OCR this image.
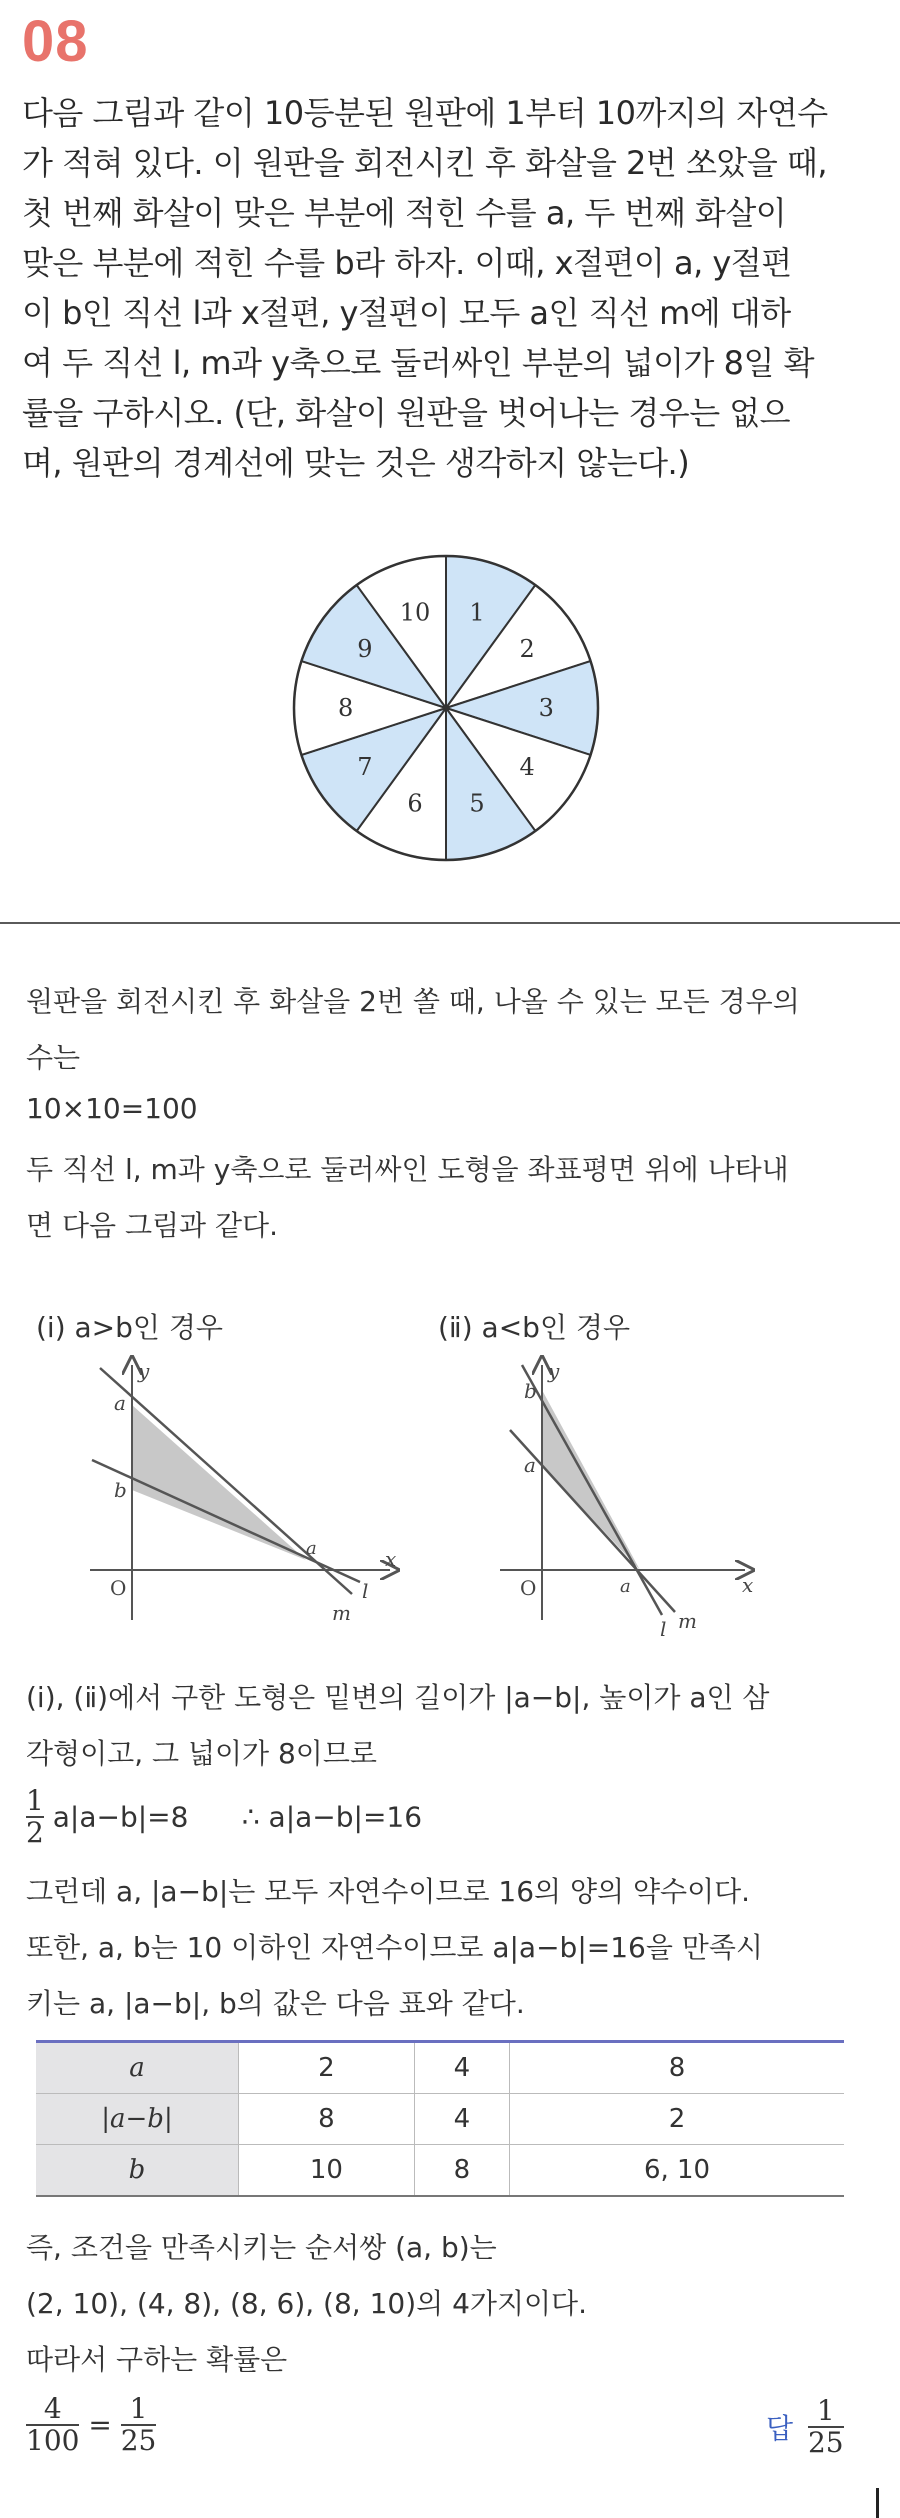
08

다음 그림과 같이 10등분된 원판에 1부터 10까지의 자연수

가 적혀 있다. 이 원판을 회전시킨 후 화살을 2번 쏘았을 때,

첫 번째 화살이 맞은 부분에 적힌 수를 a, 두 번째 화살이

맞은 부분에 적힌 수를 b라 하자. 이때, x절편이 a, y절편

이 b인 직선 l과 x절편, y절편이 모두 a인 직선 m에 대하

여 두 직선 l, m과 y축으로 둘러싸인 부분의 넓이가 8일 확

률을 구하시오. (단, 화살이 원판을 벗어나는 경우는 없으

며, 원판의 경계선에 맞는 것은 생각하지 않는다.)

1
2
3
4
5
6
7
8
9
10
원판을 회전시킨 후 화살을 2번 쏠 때, 나올 수 있는 모든 경우의
수는
10×10=100
두 직선 l, m과 y축으로 둘러싸인 도형을 좌표평면 위에 나타내
면 다음 그림과 같다.
(ⅰ) a>b인 경우	(ⅱ) a<b인 경우
y
x
O
a
b
a
l
m
y
x
O
b
a
a
l m
(ⅰ), (ⅱ)에서 구한 도형은 밑변의 길이가 |a−b|, 높이가 a인 삼
각형이고, 그 넓이가 8이므로
$\frac{1}{2} a|a-b|=8$      ∴ a|a−b|=16
그런데 a, |a−b|는 모두 자연수이므로 16의 양의 약수이다.
또한, a, b는 10 이하인 자연수이므로 a|a−b|=16을 만족시
키는 a, |a−b|, b의 값은 다음 표와 같다.
a	2	4	8
|a−b|	8	4	2
b	10	8	6, 10
즉, 조건을 만족시키는 순서쌍 (a, b)는
(2, 10), (4, 8), (8, 6), (8, 10)의 4가지이다.
따라서 구하는 확률은
$\frac{4}{100} = \frac{1}{25}$	답 $\frac{1}{25}$
